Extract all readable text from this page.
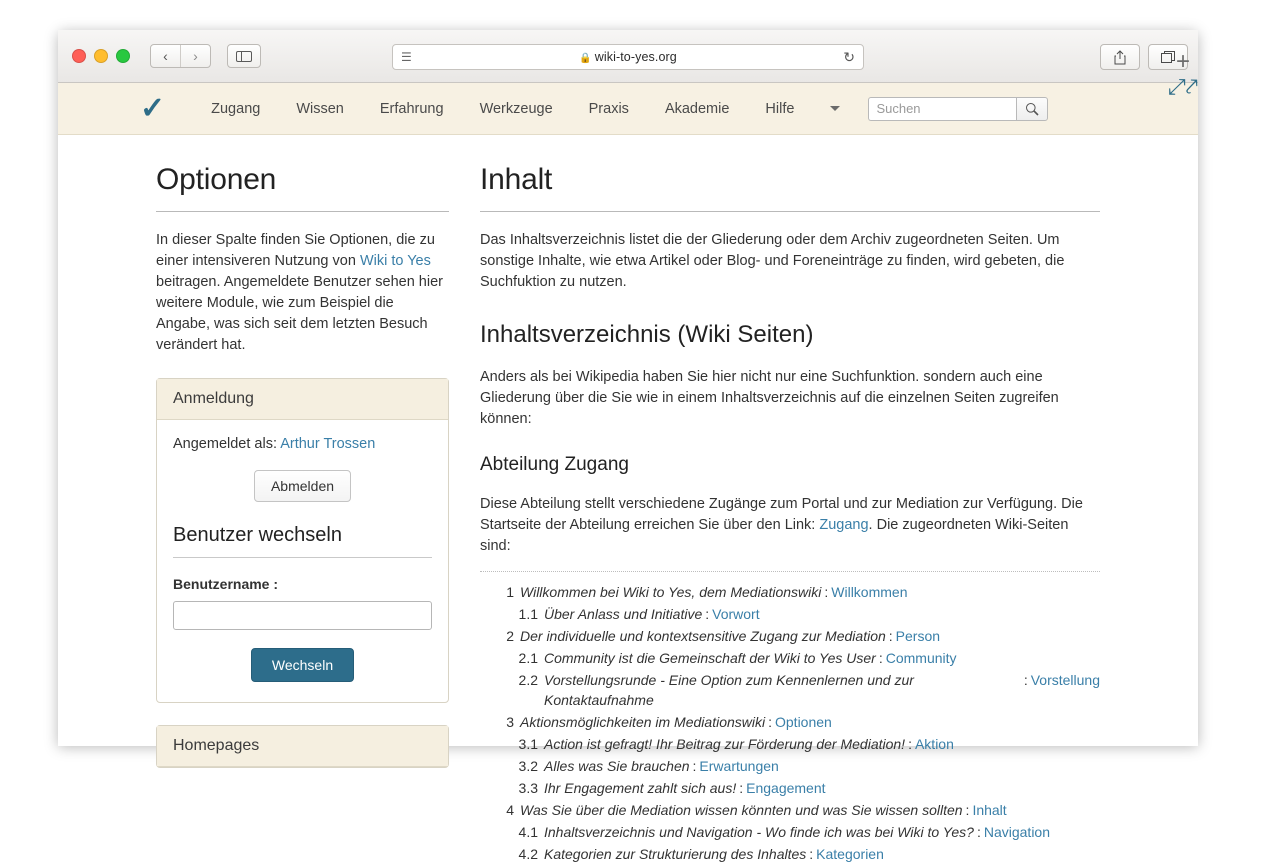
‹	›	☰	🔒 wiki-to-yes.org	↻
✓	Zugang	Wissen	Erfahrung	Werkzeuge	Praxis	Akademie	Hilfe
Suchen
Optionen

In dieser Spalte finden Sie Optionen, die zu einer intensiveren Nutzung von Wiki to Yes beitragen. Angemeldete Benutzer sehen hier weitere Module, wie zum Beispiel die Angabe, was sich seit dem letzten Besuch verändert hat.

Anmeldung

Angemeldet als: Arthur Trossen

Abmelden
Benutzer wechseln
Benutzername :
Wechseln
Homepages
Inhalt

Das Inhaltsverzeichnis listet die der Gliederung oder dem Archiv zugeordneten Seiten. Um sonstige Inhalte, wie etwa Artikel oder Blog- und Foreneinträge zu finden, wird gebeten, die Suchfuktion zu nutzen.

Inhaltsverzeichnis (Wiki Seiten)

Anders als bei Wikipedia haben Sie hier nicht nur eine Suchfunktion. sondern auch eine Gliederung über die Sie wie in einem Inhaltsverzeichnis auf die einzelnen Seiten zugreifen können:

Abteilung Zugang

Diese Abteilung stellt verschiedene Zugänge zum Portal und zur Mediation zur Verfügung. Die Startseite der Abteilung erreichen Sie über den Link: Zugang. Die zugeordneten Wiki-Seiten sind:

1 Willkommen bei Wiki to Yes, dem Mediationswiki : Willkommen
1.1 Über Anlass und Initiative : Vorwort
2 Der individuelle und kontextsensitive Zugang zur Mediation : Person
2.1 Community ist die Gemeinschaft der Wiki to Yes User : Community
2.2 Vorstellungsrunde - Eine Option zum Kennenlernen und zur Kontaktaufnahme
: Vorstellung
3 Aktionsmöglichkeiten im Mediationswiki : Optionen
3.1 Action ist gefragt! Ihr Beitrag zur Förderung der Mediation! : Aktion
3.2 Alles was Sie brauchen : Erwartungen
3.3 Ihr Engagement zahlt sich aus! : Engagement
4 Was Sie über die Mediation wissen könnten und was Sie wissen sollten : Inhalt
4.1 Inhaltsverzeichnis und Navigation - Wo finde ich was bei Wiki to Yes? : Navigation
4.2 Kategorien zur Strukturierung des Inhaltes : Kategorien
+
⤢⤤
